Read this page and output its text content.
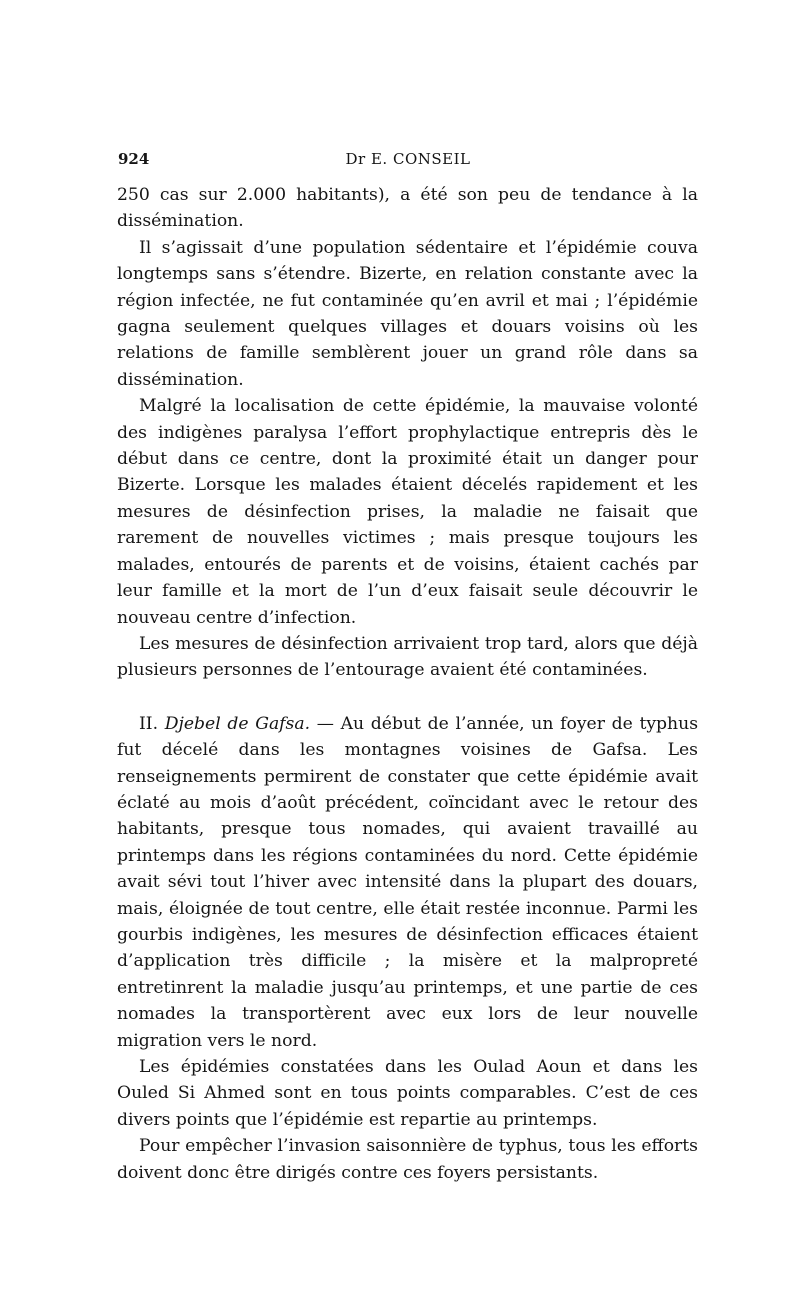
924	Dr E. CONSEIL

250 cas sur 2.000 habitants), a été son peu de tendance à la dissémination.

Il s’agissait d’une population sédentaire et l’épidémie couva longtemps sans s’étendre. Bizerte, en relation constante avec la région infectée, ne fut contaminée qu’en avril et mai ; l’épidémie gagna seulement quelques villages et douars voisins où les relations de famille semblèrent jouer un grand rôle dans sa dissémination.

Malgré la localisation de cette épidémie, la mauvaise volonté des indigènes paralysa l’effort prophylactique entrepris dès le début dans ce centre, dont la proximité était un danger pour Bizerte. Lorsque les malades étaient décelés rapidement et les mesures de désinfection prises, la maladie ne faisait que rarement de nouvelles victimes ; mais presque toujours les malades, entourés de parents et de voisins, étaient cachés par leur famille et la mort de l’un d’eux faisait seule découvrir le nouveau centre d’infection.

Les mesures de désinfection arrivaient trop tard, alors que déjà plusieurs personnes de l’entourage avaient été contaminées.

II. Djebel de Gafsa. — Au début de l’année, un foyer de typhus fut décelé dans les montagnes voisines de Gafsa. Les renseignements permirent de constater que cette épidémie avait éclaté au mois d’août précédent, coïncidant avec le retour des habitants, presque tous nomades, qui avaient travaillé au printemps dans les régions contaminées du nord. Cette épidémie avait sévi tout l’hiver avec intensité dans la plupart des douars, mais, éloignée de tout centre, elle était restée inconnue. Parmi les gourbis indigènes, les mesures de désinfection efficaces étaient d’application très difficile ; la misère et la malpropreté entretinrent la maladie jusqu’au printemps, et une partie de ces nomades la transportèrent avec eux lors de leur nouvelle migration vers le nord.

Les épidémies constatées dans les Oulad Aoun et dans les Ouled Si Ahmed sont en tous points comparables. C’est de ces divers points que l’épidémie est repartie au printemps.

Pour empêcher l’invasion saisonnière de typhus, tous les efforts doivent donc être dirigés contre ces foyers persistants.
